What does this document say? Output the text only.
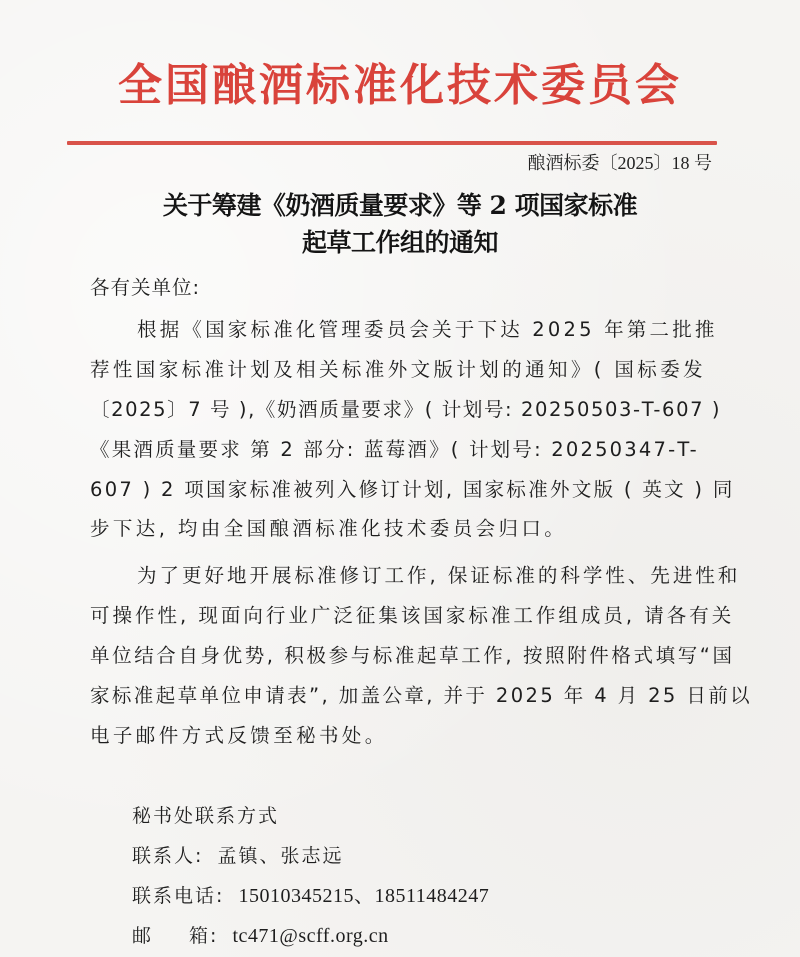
全国酿酒标准化技术委员会
酿酒标委〔2025〕18 号
关于筹建《奶酒质量要求》等 2 项国家标准
起草工作组的通知
各有关单位:
根据《国家标准化管理委员会关于下达 2025 年第二批推
荐性国家标准计划及相关标准外文版计划的通知》( 国标委发
〔2025〕7 号 ),《奶酒质量要求》( 计划号: 20250503-T-607 )
《果酒质量要求 第 2 部分: 蓝莓酒》( 计划号: 20250347-T-
607 ) 2 项国家标准被列入修订计划, 国家标准外文版 ( 英文 ) 同
步下达, 均由全国酿酒标准化技术委员会归口。
为了更好地开展标准修订工作, 保证标准的科学性、先进性和
可操作性, 现面向行业广泛征集该国家标准工作组成员, 请各有关
单位结合自身优势, 积极参与标准起草工作, 按照附件格式填写“国
家标准起草单位申请表”, 加盖公章, 并于 2025 年 4 月 25 日前以
电子邮件方式反馈至秘书处。
秘书处联系方式
联系人: 孟镇、张志远
联系电话: 15010345215、18511484247
邮 箱: tc471@scff.org.cn
